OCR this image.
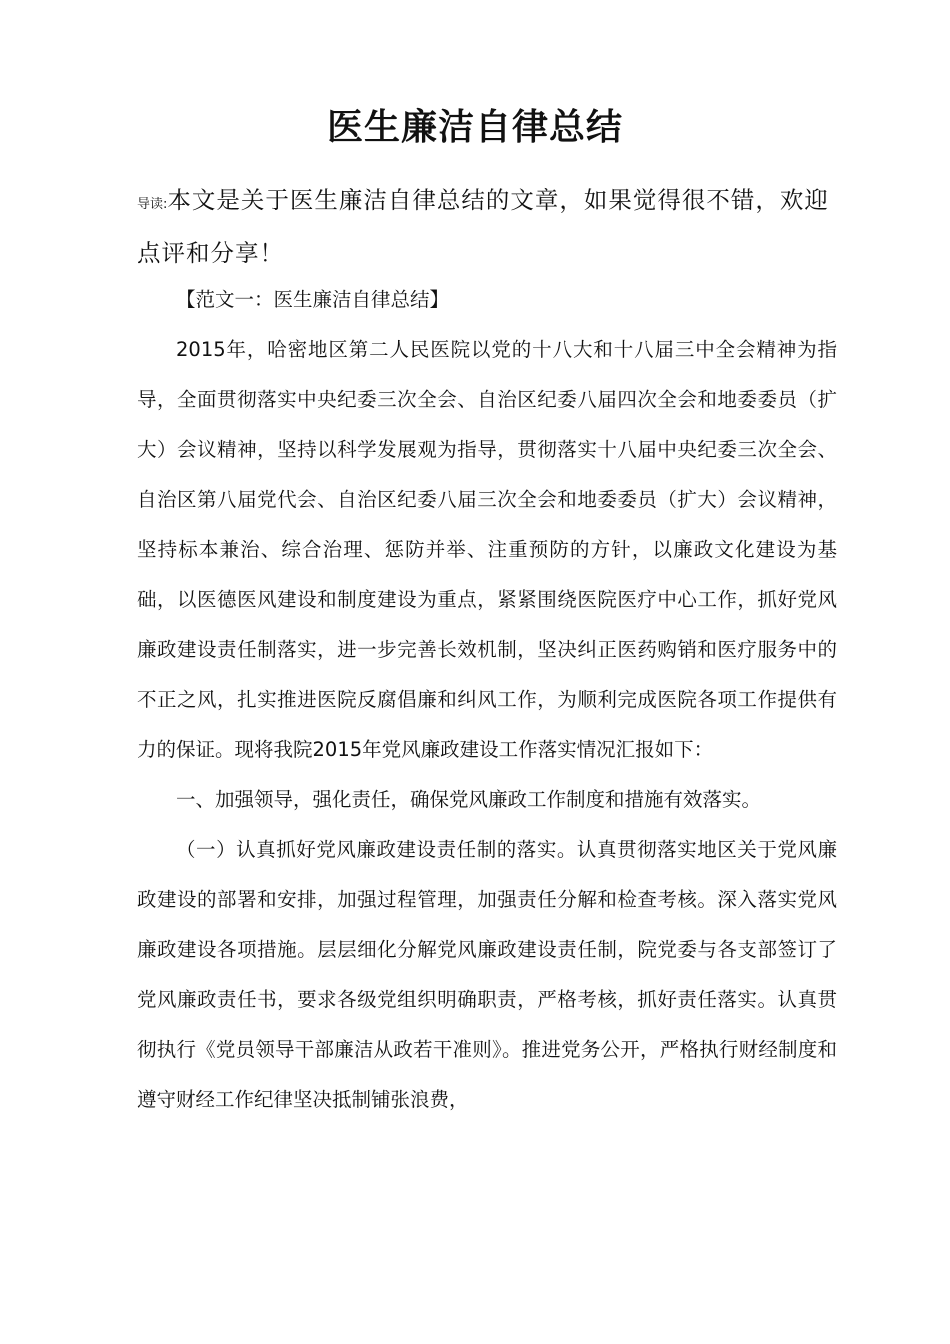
医生廉洁自律总结
导读:本文是关于医生廉洁自律总结的文章，如果觉得很不错，欢迎点评和分享！

【范文一：医生廉洁自律总结】

2015年，哈密地区第二人民医院以党的十八大和十八届三中全会精神为指导，全面贯彻落实中央纪委三次全会、自治区纪委八届四次全会和地委委员（扩大）会议精神，坚持以科学发展观为指导，贯彻落实十八届中央纪委三次全会、自治区第八届党代会、自治区纪委八届三次全会和地委委员（扩大）会议精神，坚持标本兼治、综合治理、惩防并举、注重预防的方针，以廉政文化建设为基础，以医德医风建设和制度建设为重点，紧紧围绕医院医疗中心工作，抓好党风廉政建设责任制落实，进一步完善长效机制，坚决纠正医药购销和医疗服务中的不正之风，扎实推进医院反腐倡廉和纠风工作，为顺利完成医院各项工作提供有力的保证。现将我院2015年党风廉政建设工作落实情况汇报如下：

一、加强领导，强化责任，确保党风廉政工作制度和措施有效落实。

（一）认真抓好党风廉政建设责任制的落实。认真贯彻落实地区关于党风廉政建设的部署和安排，加强过程管理，加强责任分解和检查考核。深入落实党风廉政建设各项措施。层层细化分解党风廉政建设责任制，院党委与各支部签订了党风廉政责任书，要求各级党组织明确职责，严格考核，抓好责任落实。认真贯彻执行《党员领导干部廉洁从政若干准则》。推进党务公开，严格执行财经制度和遵守财经工作纪律坚决抵制铺张浪费，
